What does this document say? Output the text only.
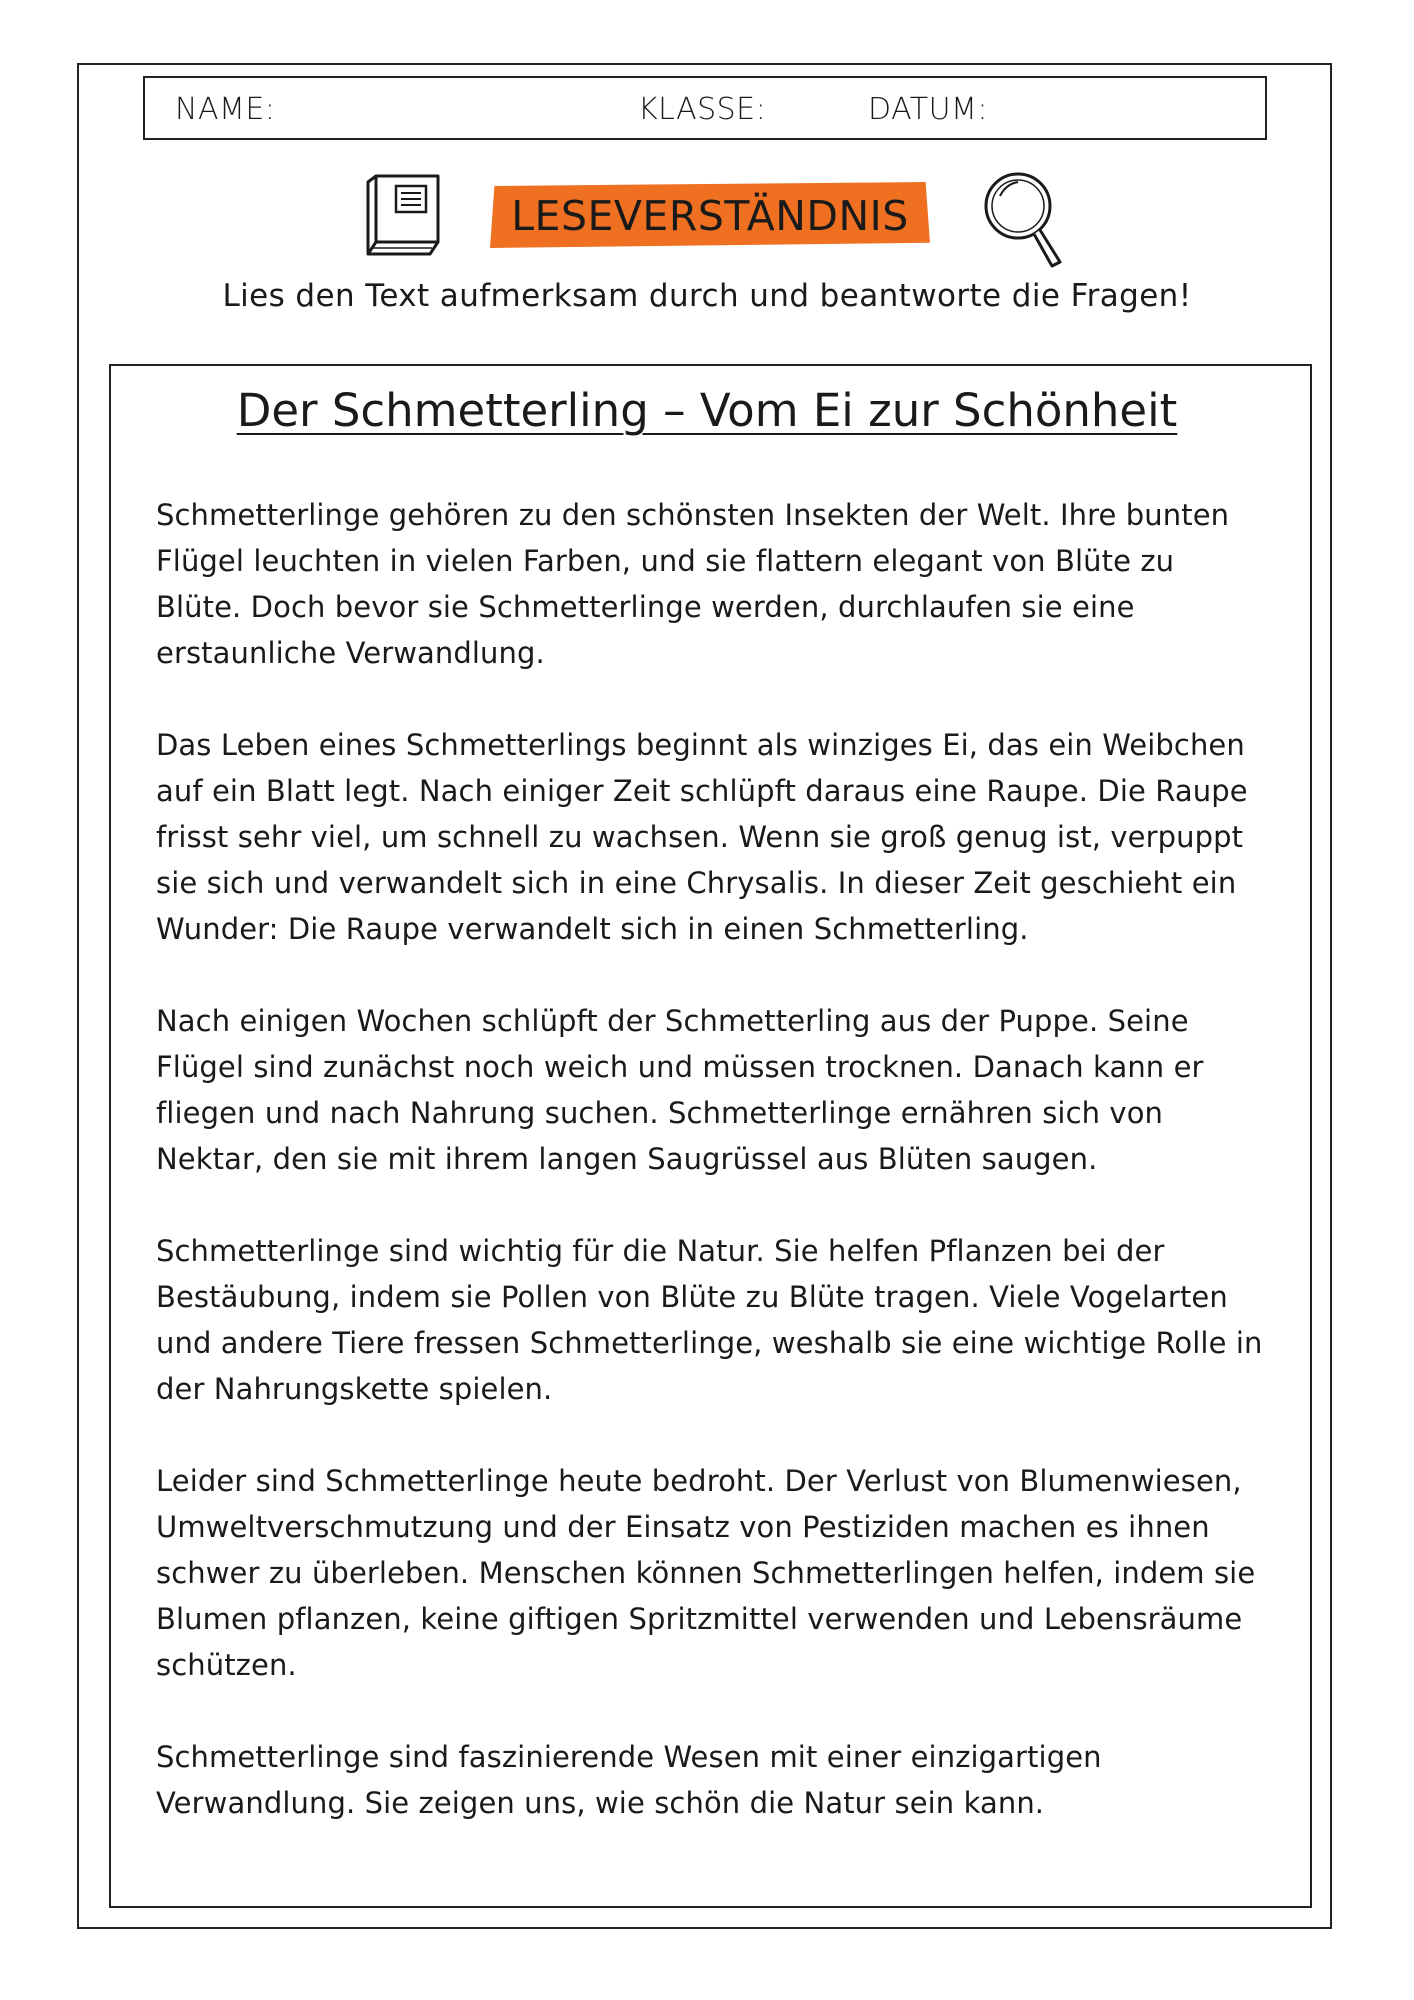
NAME:	KLASSE:	DATUM:
LESEVERSTÄNDNIS
Lies den Text aufmerksam durch und beantworte die Fragen!
Der Schmetterling – Vom Ei zur Schönheit

Schmetterlinge gehören zu den schönsten Insekten der Welt. Ihre bunten Flügel leuchten in vielen Farben, und sie flattern elegant von Blüte zu Blüte. Doch bevor sie Schmetterlinge werden, durchlaufen sie eine erstaunliche Verwandlung.

Das Leben eines Schmetterlings beginnt als winziges Ei, das ein Weibchen auf ein Blatt legt. Nach einiger Zeit schlüpft daraus eine Raupe. Die Raupe frisst sehr viel, um schnell zu wachsen. Wenn sie groß genug ist, verpuppt sie sich und verwandelt sich in eine Chrysalis. In dieser Zeit geschieht ein Wunder: Die Raupe verwandelt sich in einen Schmetterling.

Nach einigen Wochen schlüpft der Schmetterling aus der Puppe. Seine Flügel sind zunächst noch weich und müssen trocknen. Danach kann er fliegen und nach Nahrung suchen. Schmetterlinge ernähren sich von Nektar, den sie mit ihrem langen Saugrüssel aus Blüten saugen.

Schmetterlinge sind wichtig für die Natur. Sie helfen Pflanzen bei der Bestäubung, indem sie Pollen von Blüte zu Blüte tragen. Viele Vogelarten und andere Tiere fressen Schmetterlinge, weshalb sie eine wichtige Rolle in der Nahrungskette spielen.

Leider sind Schmetterlinge heute bedroht. Der Verlust von Blumenwiesen, Umweltverschmutzung und der Einsatz von Pestiziden machen es ihnen schwer zu überleben. Menschen können Schmetterlingen helfen, indem sie Blumen pflanzen, keine giftigen Spritzmittel verwenden und Lebensräume schützen.

Schmetterlinge sind faszinierende Wesen mit einer einzigartigen Verwandlung. Sie zeigen uns, wie schön die Natur sein kann.
